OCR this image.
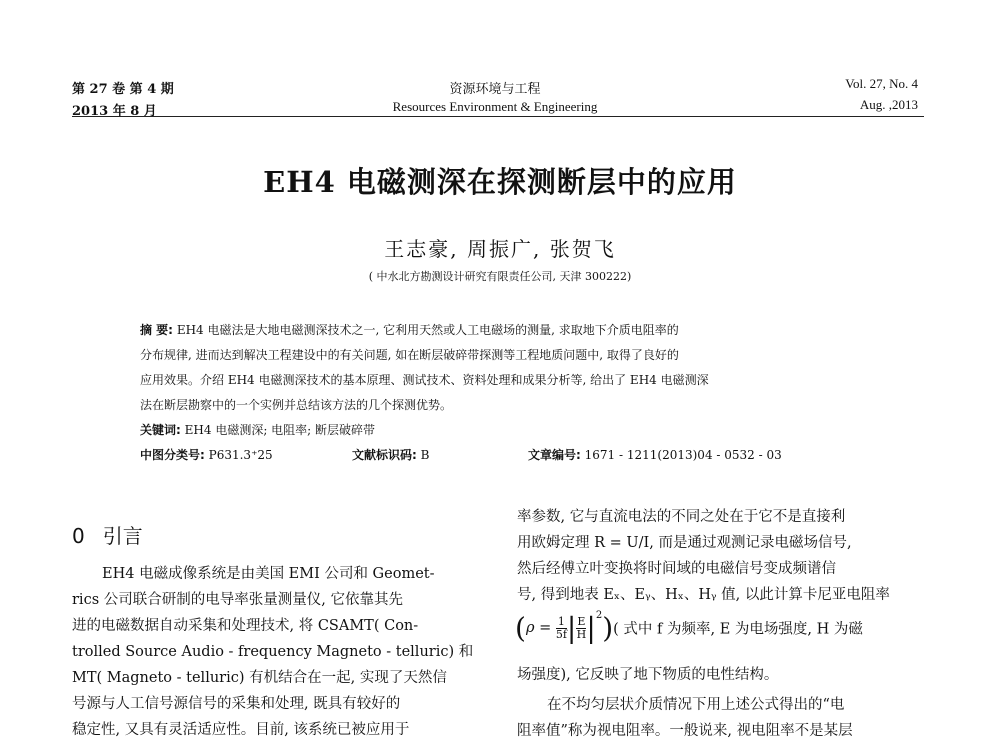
第 27 卷 第 4 期
2013 年 8 月
资源环境与工程
Resources Environment & Engineering
Vol. 27, No. 4
Aug. ,2013
EH4 电磁测深在探测断层中的应用
王志豪, 周振广, 张贺飞
( 中水北方勘测设计研究有限责任公司, 天津 300222)
摘 要: EH4 电磁法是大地电磁测深技术之一, 它利用天然或人工电磁场的测量, 求取地下介质电阻率的
分布规律, 进而达到解决工程建设中的有关问题, 如在断层破碎带探测等工程地质问题中, 取得了良好的
应用效果。介绍 EH4 电磁测深技术的基本原理、测试技术、资料处理和成果分析等, 给出了 EH4 电磁测深
法在断层勘察中的一个实例并总结该方法的几个探测优势。
关键词: EH4 电磁测深; 电阻率; 断层破碎带
中图分类号: P631.3⁺25	文献标识码: B	文章编号: 1671 - 1211(2013)04 - 0532 - 03
0 引言
EH4 电磁成像系统是由美国 EMI 公司和 Geomet-
rics 公司联合研制的电导率张量测量仪, 它依靠其先
进的电磁数据自动采集和处理技术, 将 CSAMT( Con-
trolled Source Audio - frequency Magneto - telluric) 和
MT( Magneto - telluric) 有机结合在一起, 实现了天然信
号源与人工信号源信号的采集和处理, 既具有较好的
稳定性, 又具有灵活适应性。目前, 该系统已被应用于
率参数, 它与直流电法的不同之处在于它不是直接利
用欧姆定理 R = U/I, 而是通过观测记录电磁场信号,
然后经傅立叶变换将时间域的电磁信号变成频谱信
号, 得到地表 Eₓ、Eᵧ、Hₓ、Hᵧ 值, 以此计算卡尼亚电阻率
($\rho = \frac{1}{5f}$ | $\frac{E}{H} |^2$)( 式中 f 为频率, E 为电场强度, H 为磁
场强度), 它反映了地下物质的电性结构。
在不均匀层状介质情况下用上述公式得出的“电
阻率值”称为视电阻率。一般说来, 视电阻率不是某层
